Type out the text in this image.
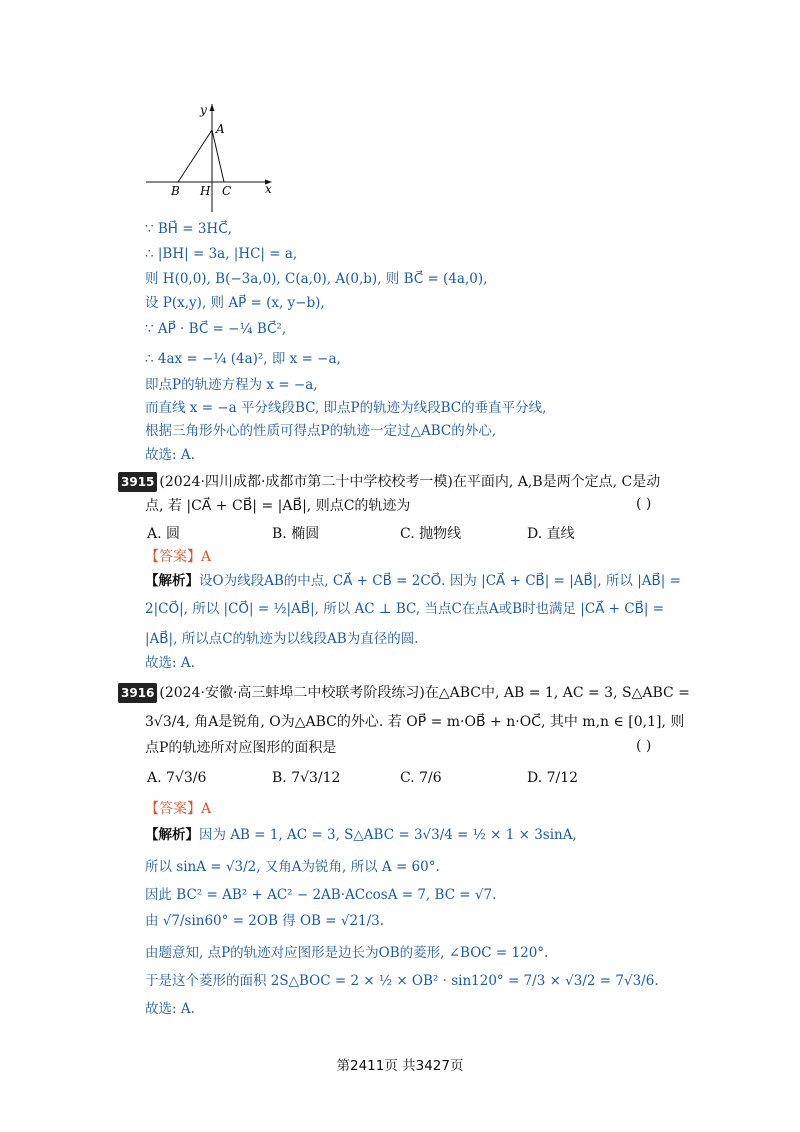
y
A
B H C	x
∵ BH⃗ = 3HC⃗,
∴ |BH| = 3a, |HC| = a,
则 H(0,0), B(−3a,0), C(a,0), A(0,b), 则 BC⃗ = (4a,0),
设 P(x,y), 则 AP⃗ = (x, y−b),
∵ AP⃗ · BC⃗ = −¼ BC⃗²,
∴ 4ax = −¼ (4a)², 即 x = −a,
即点P的轨迹方程为 x = −a,
而直线 x = −a 平分线段BC, 即点P的轨迹为线段BC的垂直平分线,
根据三角形外心的性质可得点P的轨迹一定过△ABC的外心,
故选: A.
3915 (2024·四川成都·成都市第二十中学校校考一模)在平面内, A,B是两个定点, C是动
点, 若 |CA⃗ + CB⃗| = |AB⃗|, 则点C的轨迹为	( )
A. 圆	B. 椭圆	C. 抛物线	D. 直线
【答案】A
【解析】设O为线段AB的中点, CA⃗ + CB⃗ = 2CO⃗. 因为 |CA⃗ + CB⃗| = |AB⃗|, 所以 |AB⃗| =
2|CO⃗|, 所以 |CO⃗| = ½|AB⃗|, 所以 AC ⊥ BC, 当点C在点A或B时也满足 |CA⃗ + CB⃗| =
|AB⃗|, 所以点C的轨迹为以线段AB为直径的圆.
故选: A.
3916 (2024·安徽·高三蚌埠二中校联考阶段练习)在△ABC中, AB = 1, AC = 3, S△ABC =
3√3/4, 角A是锐角, O为△ABC的外心. 若 OP⃗ = m·OB⃗ + n·OC⃗, 其中 m,n ∈ [0,1], 则
点P的轨迹所对应图形的面积是	( )
A. 7√3/6	B. 7√3/12	C. 7/6	D. 7/12
【答案】A
【解析】因为 AB = 1, AC = 3, S△ABC = 3√3/4 = ½ × 1 × 3sinA,
所以 sinA = √3/2, 又角A为锐角, 所以 A = 60°.
因此 BC² = AB² + AC² − 2AB·ACcosA = 7, BC = √7.
由 √7/sin60° = 2OB 得 OB = √21/3.
由题意知, 点P的轨迹对应图形是边长为OB的菱形, ∠BOC = 120°.
于是这个菱形的面积 2S△BOC = 2 × ½ × OB² · sin120° = 7/3 × √3/2 = 7√3/6.
故选: A.
第2411页 共3427页
